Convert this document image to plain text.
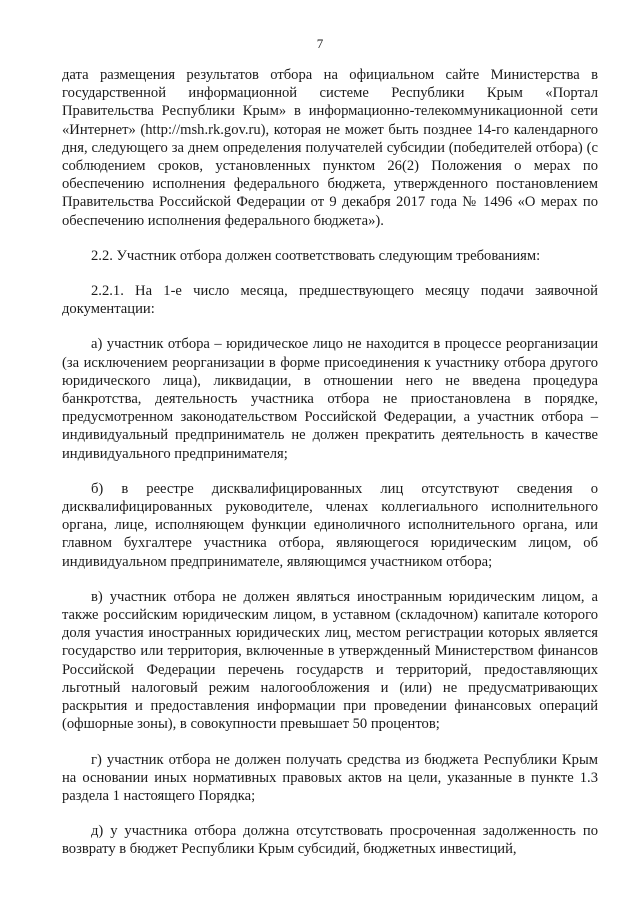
7

дата размещения результатов отбора на официальном сайте Министерства в государственной информационной системе Республики Крым «Портал Правительства Республики Крым» в информационно-телекоммуникационной сети «Интернет» (http://msh.rk.gov.ru), которая не может быть позднее 14-го календарного дня, следующего за днем определения получателей субсидии (победителей отбора) (с соблюдением сроков, установленных пунктом 26(2) Положения о мерах по обеспечению исполнения федерального бюджета, утвержденного постановлением Правительства Российской Федерации от 9 декабря 2017 года № 1496 «О мерах по обеспечению исполнения федерального бюджета»).

2.2. Участник отбора должен соответствовать следующим требованиям:

2.2.1. На 1-е число месяца, предшествующего месяцу подачи заявочной документации:

а) участник отбора – юридическое лицо не находится в процессе реорганизации (за исключением реорганизации в форме присоединения к участнику отбора другого юридического лица), ликвидации, в отношении него не введена процедура банкротства, деятельность участника отбора не приостановлена в порядке, предусмотренном законодательством Российской Федерации, а участник отбора – индивидуальный предприниматель не должен прекратить деятельность в качестве индивидуального предпринимателя;

б) в реестре дисквалифицированных лиц отсутствуют сведения о дисквалифицированных руководителе, членах коллегиального исполнительного органа, лице, исполняющем функции единоличного исполнительного органа, или главном бухгалтере участника отбора, являющегося юридическим лицом, об индивидуальном предпринимателе, являющимся участником отбора;

в) участник отбора не должен являться иностранным юридическим лицом, а также российским юридическим лицом, в уставном (складочном) капитале которого доля участия иностранных юридических лиц, местом регистрации которых является государство или территория, включенные в утвержденный Министерством финансов Российской Федерации перечень государств и территорий, предоставляющих льготный налоговый режим налогообложения и (или) не предусматривающих раскрытия и предоставления информации при проведении финансовых операций (офшорные зоны), в совокупности превышает 50 процентов;

г) участник отбора не должен получать средства из бюджета Республики Крым на основании иных нормативных правовых актов на цели, указанные в пункте 1.3 раздела 1 настоящего Порядка;

д) у участника отбора должна отсутствовать просроченная задолженность по возврату в бюджет Республики Крым субсидий, бюджетных инвестиций,
